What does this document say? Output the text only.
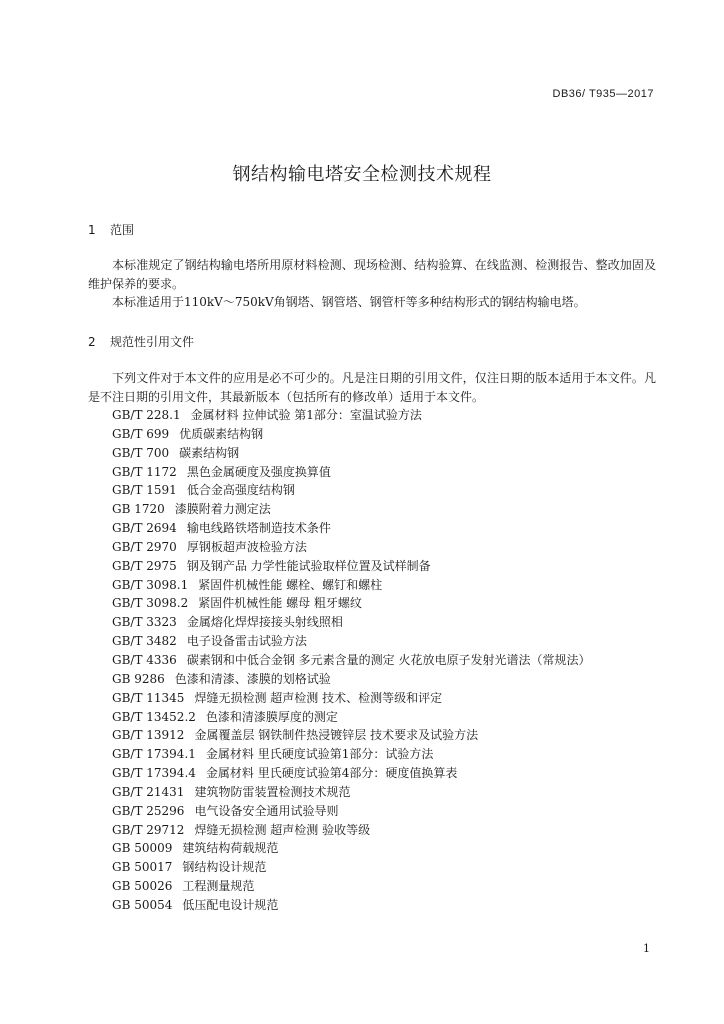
DB36/ T935—2017
钢结构输电塔安全检测技术规程
1 范围
本标准规定了钢结构输电塔所用原材料检测、现场检测、结构验算、在线监测、检测报告、整改加固及维护保养的要求。
本标准适用于110kV～750kV角钢塔、钢管塔、钢管杆等多种结构形式的钢结构输电塔。
2 规范性引用文件
下列文件对于本文件的应用是必不可少的。凡是注日期的引用文件，仅注日期的版本适用于本文件。凡是不注日期的引用文件，其最新版本（包括所有的修改单）适用于本文件。
GB/T 228.1 金属材料 拉伸试验 第1部分：室温试验方法
GB/T 699 优质碳素结构钢
GB/T 700 碳素结构钢
GB/T 1172 黑色金属硬度及强度换算值
GB/T 1591 低合金高强度结构钢
GB 1720 漆膜附着力测定法
GB/T 2694 输电线路铁塔制造技术条件
GB/T 2970 厚钢板超声波检验方法
GB/T 2975 钢及钢产品 力学性能试验取样位置及试样制备
GB/T 3098.1 紧固件机械性能 螺栓、螺钉和螺柱
GB/T 3098.2 紧固件机械性能 螺母 粗牙螺纹
GB/T 3323 金属熔化焊焊接接头射线照相
GB/T 3482 电子设备雷击试验方法
GB/T 4336 碳素钢和中低合金钢 多元素含量的测定 火花放电原子发射光谱法（常规法）
GB 9286 色漆和清漆、漆膜的划格试验
GB/T 11345 焊缝无损检测 超声检测 技术、检测等级和评定
GB/T 13452.2 色漆和清漆膜厚度的测定
GB/T 13912 金属覆盖层 钢铁制件热浸镀锌层 技术要求及试验方法
GB/T 17394.1 金属材料 里氏硬度试验第1部分：试验方法
GB/T 17394.4 金属材料 里氏硬度试验第4部分：硬度值换算表
GB/T 21431 建筑物防雷装置检测技术规范
GB/T 25296 电气设备安全通用试验导则
GB/T 29712 焊缝无损检测 超声检测 验收等级
GB 50009 建筑结构荷载规范
GB 50017 钢结构设计规范
GB 50026 工程测量规范
GB 50054 低压配电设计规范
1
